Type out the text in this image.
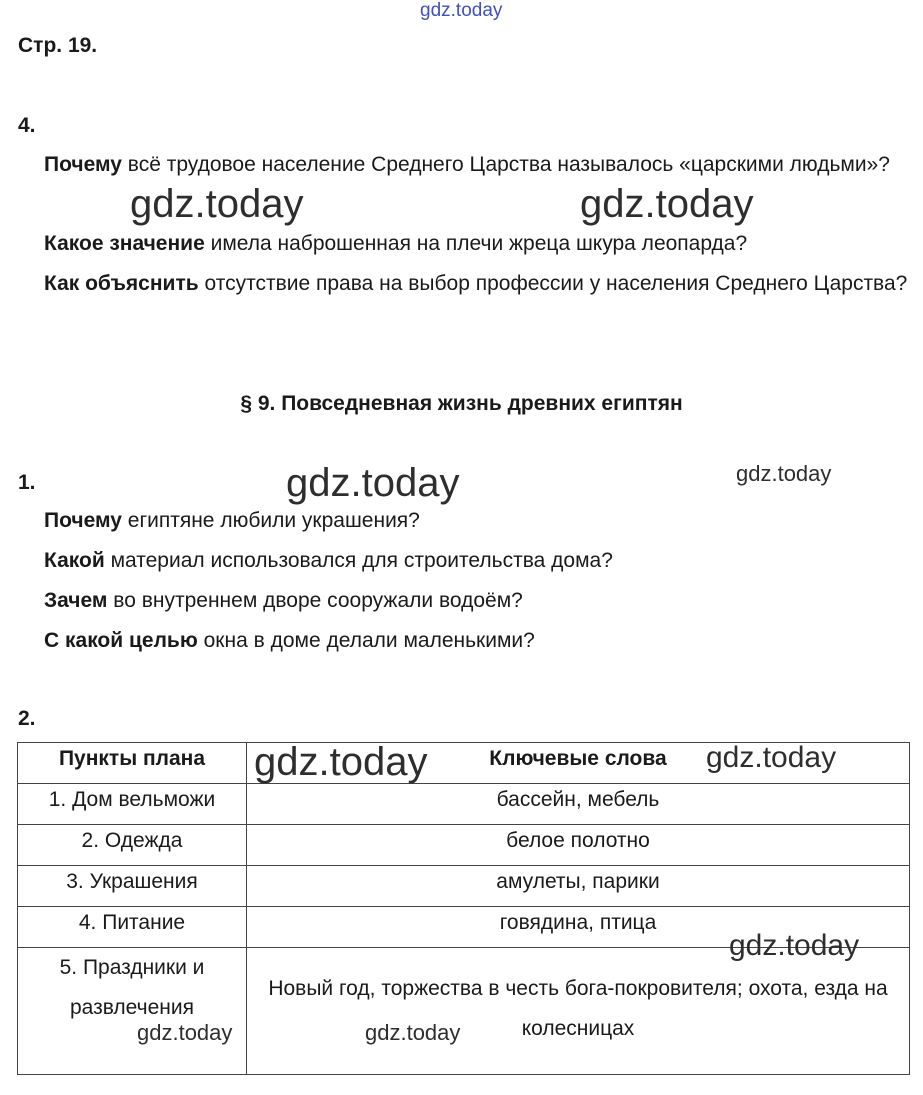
gdz.today
Стр. 19.
4.
Почему всё трудовое население Среднего Царства называлось «царскими людьми»?
Какое значение имела наброшенная на плечи жреца шкура леопарда?
Как объяснить отсутствие права на выбор профессии у населения Среднего Царства?
§ 9. Повседневная жизнь древних египтян
1.
Почему египтяне любили украшения?
Какой материал использовался для строительства дома?
Зачем во внутреннем дворе сооружали водоём?
С какой целью окна в доме делали маленькими?
2.
Пункты плана	Ключевые слова
1. Дом вельможи	бассейн, мебель
2. Одежда	белое полотно
3. Украшения	амулеты, парики
4. Питание	говядина, птица
5. Праздники и развлечения	Новый год, торжества в честь бога-покровителя; охота, езда на колесницах
gdz.today	gdz.today
gdz.today	gdz.today
gdz.today	gdz.today
gdz.today
gdz.today	gdz.today
